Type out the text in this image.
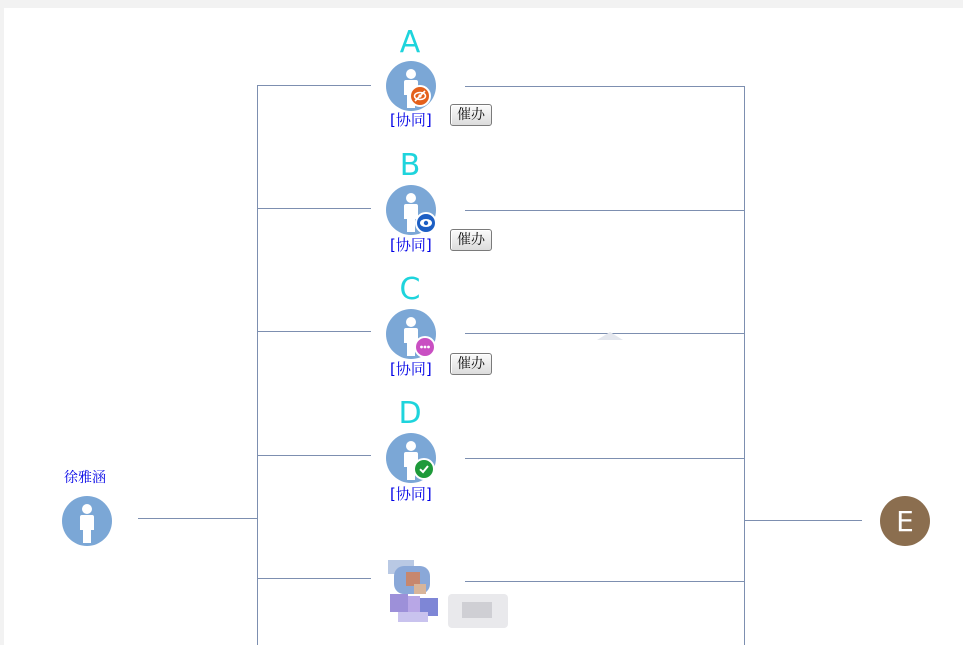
徐雅涵
A
[协同]	催办
B
[协同]	催办
C
[协同]	催办
D
[协同]
E
